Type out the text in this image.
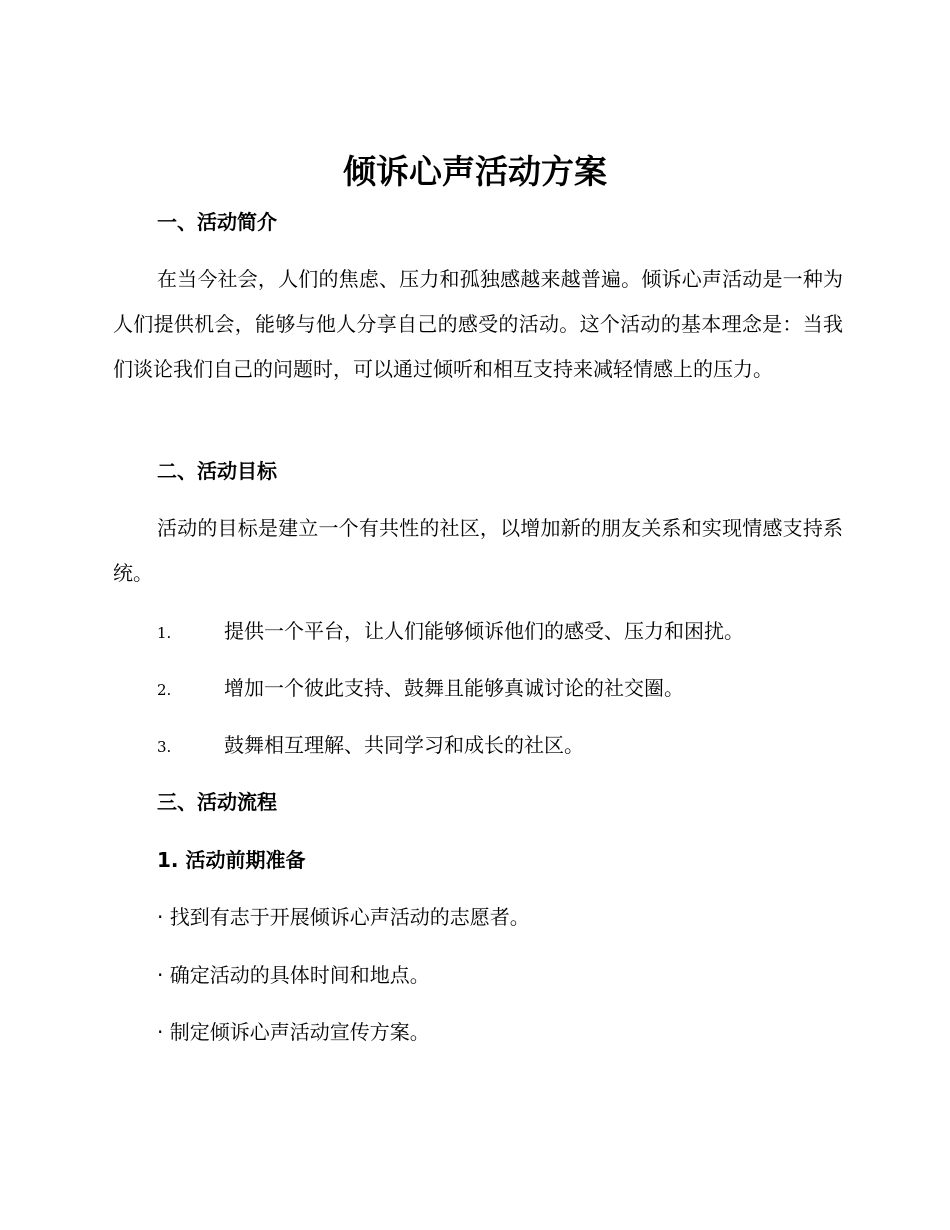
倾诉心声活动方案
一、活动简介
在当今社会，人们的焦虑、压力和孤独感越来越普遍。倾诉心声活动是一种为人们提供机会，能够与他人分享自己的感受的活动。这个活动的基本理念是：当我们谈论我们自己的问题时，可以通过倾听和相互支持来减轻情感上的压力。
二、活动目标
活动的目标是建立一个有共性的社区，以增加新的朋友关系和实现情感支持系统。
1.	提供一个平台，让人们能够倾诉他们的感受、压力和困扰。
2.	增加一个彼此支持、鼓舞且能够真诚讨论的社交圈。
3.	鼓舞相互理解、共同学习和成长的社区。
三、活动流程
1. 活动前期准备
· 找到有志于开展倾诉心声活动的志愿者。
· 确定活动的具体时间和地点。
· 制定倾诉心声活动宣传方案。
